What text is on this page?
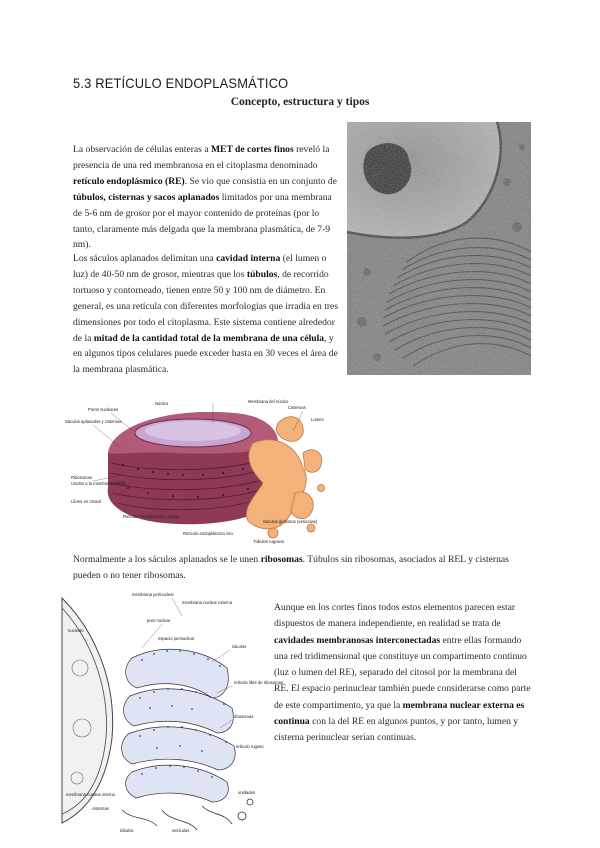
5.3 RETÍCULO ENDOPLASMÁTICO
Concepto, estructura y tipos
La observación de células enteras a MET de cortes finos reveló la presencia de una red membranosa en el citoplasma denominado retículo endoplásmico (RE). Se vio que consistía en un conjunto de túbulos, cisternas y sacos aplanados limitados por una membrana de 5-6 nm de grosor por el mayor contenido de proteínas (por lo tanto, claramente más delgada que la membrana plasmática, de 7-9 nm).
Los sáculos aplanados delimitan una cavidad interna (el lumen o luz) de 40-50 nm de grosor, mientras que los túbulos, de recorrido tortuoso y contorneado, tienen entre 50 y 100 nm de diámetro. En general, es una retícula con diferentes morfologías que irradia en tres dimensiones por todo el citoplasma. Este sistema contiene alrededor de la mitad de la cantidad total de la membrana de una célula, y en algunos tipos celulares puede exceder hasta en 30 veces el área de la membrana plasmática.
Membrana del núcleo
Núcleo
Poros nucleares
Sáculos aplanados y cisternas
Cisternas
Lumen
Ribosomas
Unidos a la membrana (RER)
Libres en citosol
Retículo endoplásmico rugoso
Retículo endoplásmico liso
Sáculos globosos (vesículas)
Túbulos rugosos
Normalmente a los sáculos aplanados se le unen ribosomas. Túbulos sin ribosomas, asociados al REL y cisternas pueden o no tener ribosomas.
membrana perinuclear
membrana nuclear externa
poro nuclear
nucleolo
espacio perinuclear
sáculos
retículo libre de ribosomas
ribosomas
retículo rugoso
membrana nuclear interna
cisternas
túbulos	vesículas
unidades
Aunque en los cortes finos todos estos elementos parecen estar dispuestos de manera independiente, en realidad se trata de cavidades membranosas interconectadas entre ellas formando una red tridimensional que constituye un compartimento continuo (luz o lumen del RE), separado del citosol por la membrana del RE. El espacio perinuclear también puede considerarse como parte de este compartimento, ya que la membrana nuclear externa es continua con la del RE en algunos puntos, y por tanto, lumen y cisterna perinuclear serían continuas.
